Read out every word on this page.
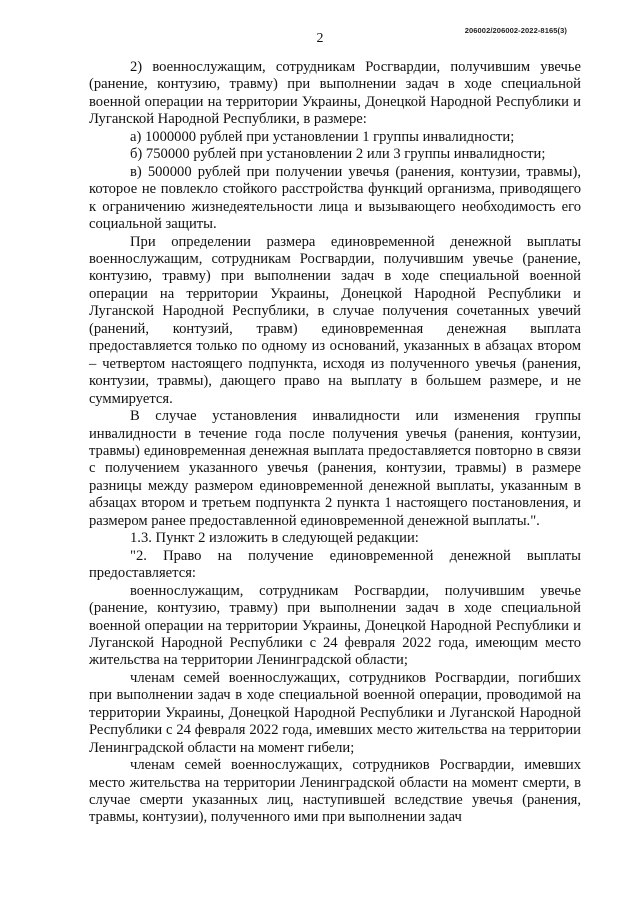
206002/206002-2022-8165(3)
2

2) военнослужащим, сотрудникам Росгвардии, получившим увечье (ранение, контузию, травму) при выполнении задач в ходе специальной военной операции на территории Украины, Донецкой Народной Республики и Луганской Народной Республики, в размере:

а) 1000000 рублей при установлении 1 группы инвалидности;

б) 750000 рублей при установлении 2 или 3 группы инвалидности;

в) 500000 рублей при получении увечья (ранения, контузии, травмы), которое не повлекло стойкого расстройства функций организма, приводящего к ограничению жизнедеятельности лица и вызывающего необходимость его социальной защиты.

При определении размера единовременной денежной выплаты военнослужащим, сотрудникам Росгвардии, получившим увечье (ранение, контузию, травму) при выполнении задач в ходе специальной военной операции на территории Украины, Донецкой Народной Республики и Луганской Народной Республики, в случае получения сочетанных увечий (ранений, контузий, травм) единовременная денежная выплата предоставляется только по одному из оснований, указанных в абзацах втором – четвертом настоящего подпункта, исходя из полученного увечья (ранения, контузии, травмы), дающего право на выплату в большем размере, и не суммируется.

В случае установления инвалидности или изменения группы инвалидности в течение года после получения увечья (ранения, контузии, травмы) единовременная денежная выплата предоставляется повторно в связи с получением указанного увечья (ранения, контузии, травмы) в размере разницы между размером единовременной денежной выплаты, указанным в абзацах втором и третьем подпункта 2 пункта 1 настоящего постановления, и размером ранее предоставленной единовременной денежной выплаты.".

1.3. Пункт 2 изложить в следующей редакции:

"2. Право на получение единовременной денежной выплаты предоставляется:

военнослужащим, сотрудникам Росгвардии, получившим увечье (ранение, контузию, травму) при выполнении задач в ходе специальной военной операции на территории Украины, Донецкой Народной Республики и Луганской Народной Республики с 24 февраля 2022 года, имеющим место жительства на территории Ленинградской области;

членам семей военнослужащих, сотрудников Росгвардии, погибших при выполнении задач в ходе специальной военной операции, проводимой на территории Украины, Донецкой Народной Республики и Луганской Народной Республики с 24 февраля 2022 года, имевших место жительства на территории Ленинградской области на момент гибели;

членам семей военнослужащих, сотрудников Росгвардии, имевших место жительства на территории Ленинградской области на момент смерти, в случае смерти указанных лиц, наступившей вследствие увечья (ранения, травмы, контузии), полученного ими при выполнении задач
